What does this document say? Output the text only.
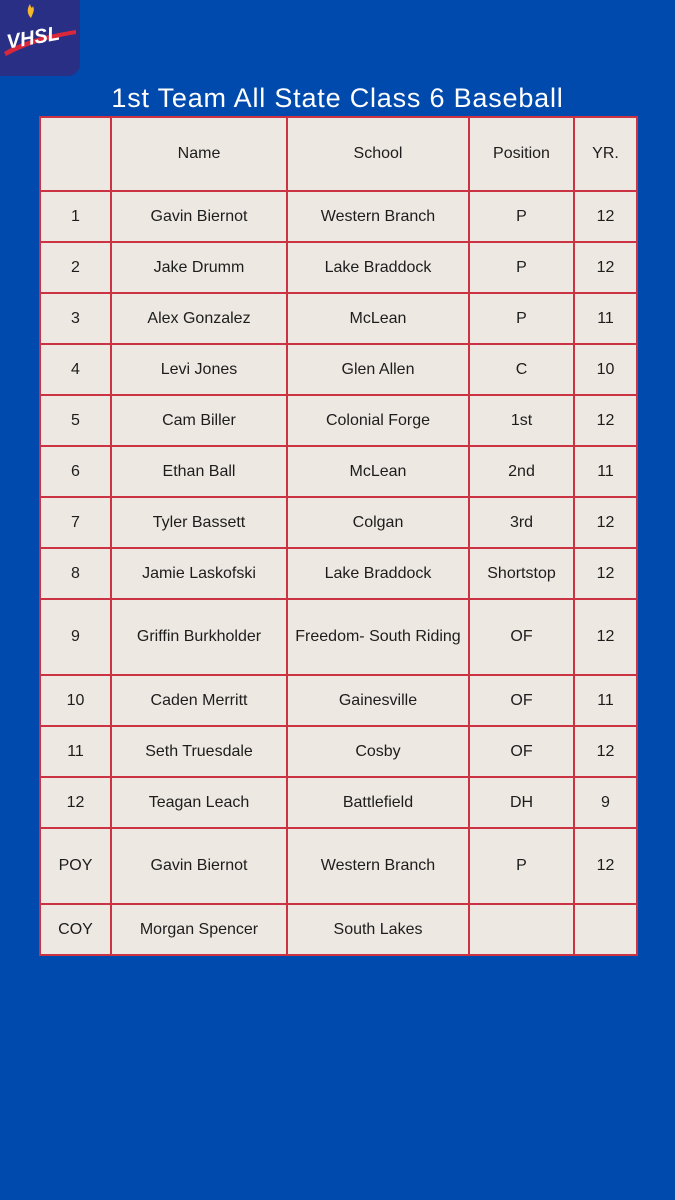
VHSL
1st Team All State Class 6 Baseball
	Name	School	Position	YR.
1	Gavin Biernot	Western Branch	P	12
2	Jake Drumm	Lake Braddock	P	12
3	Alex Gonzalez	McLean	P	11
4	Levi Jones	Glen Allen	C	10
5	Cam Biller	Colonial Forge	1st	12
6	Ethan Ball	McLean	2nd	11
7	Tyler Bassett	Colgan	3rd	12
8	Jamie Laskofski	Lake Braddock	Shortstop	12
9	Griffin Burkholder	Freedom- South Riding	OF	12
10	Caden Merritt	Gainesville	OF	11
11	Seth Truesdale	Cosby	OF	12
12	Teagan Leach	Battlefield	DH	9
POY	Gavin Biernot	Western Branch	P	12
COY	Morgan Spencer	South Lakes		
